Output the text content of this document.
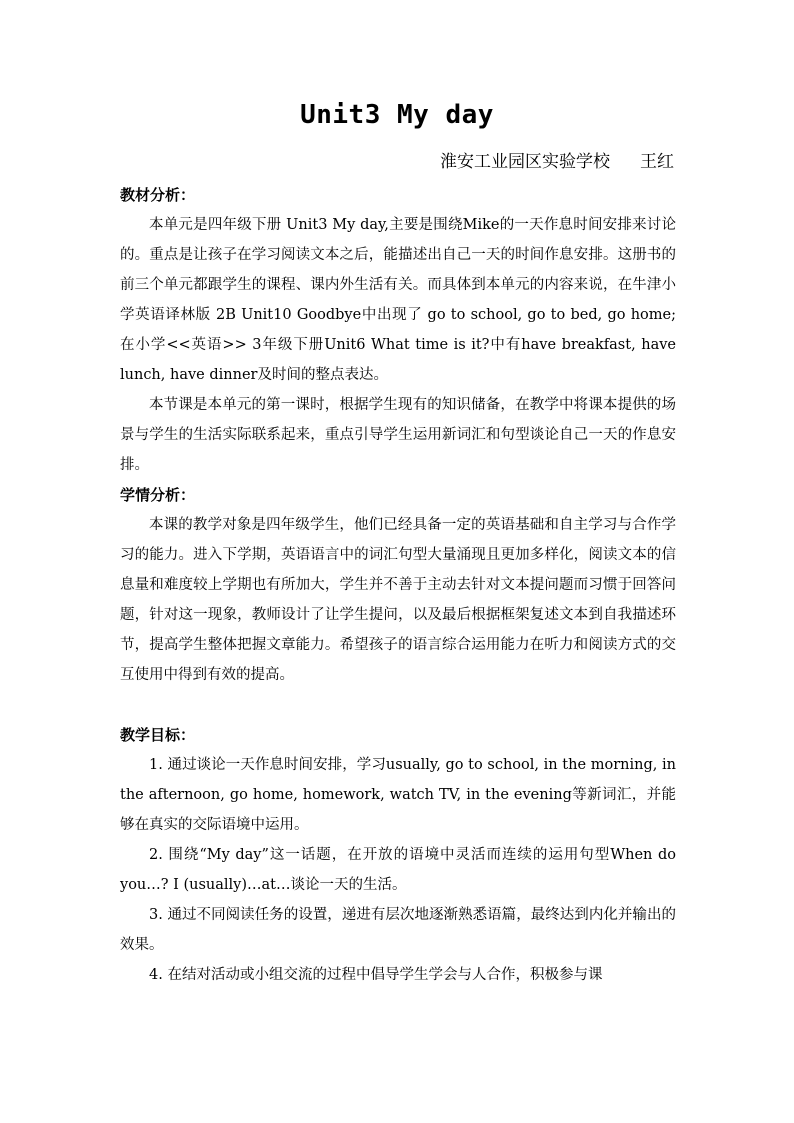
Unit3 My day
淮安工业园区实验学校 王红
教材分析：

本单元是四年级下册 Unit3 My day,主要是围绕Mike的一天作息时间安排来讨论的。重点是让孩子在学习阅读文本之后，能描述出自己一天的时间作息安排。这册书的前三个单元都跟学生的课程、课内外生活有关。而具体到本单元的内容来说，在牛津小学英语译林版 2B Unit10 Goodbye中出现了 go to school, go to bed, go home;在小学<<英语>> 3年级下册Unit6 What time is it?中有have breakfast, have lunch, have dinner及时间的整点表达。

本节课是本单元的第一课时，根据学生现有的知识储备，在教学中将课本提供的场景与学生的生活实际联系起来，重点引导学生运用新词汇和句型谈论自己一天的作息安排。

学情分析：

本课的教学对象是四年级学生，他们已经具备一定的英语基础和自主学习与合作学习的能力。进入下学期，英语语言中的词汇句型大量涌现且更加多样化，阅读文本的信息量和难度较上学期也有所加大，学生并不善于主动去针对文本提问题而习惯于回答问题，针对这一现象，教师设计了让学生提问，以及最后根据框架复述文本到自我描述环节，提高学生整体把握文章能力。希望孩子的语言综合运用能力在听力和阅读方式的交互使用中得到有效的提高。

教学目标：

1. 通过谈论一天作息时间安排，学习usually, go to school, in the morning, in the afternoon, go home, homework, watch TV, in the evening等新词汇，并能够在真实的交际语境中运用。

2. 围绕“My day”这一话题，在开放的语境中灵活而连续的运用句型When do you…? I (usually)…at…谈论一天的生活。

3. 通过不同阅读任务的设置，递进有层次地逐渐熟悉语篇，最终达到内化并输出的效果。

4. 在结对活动或小组交流的过程中倡导学生学会与人合作，积极参与课
